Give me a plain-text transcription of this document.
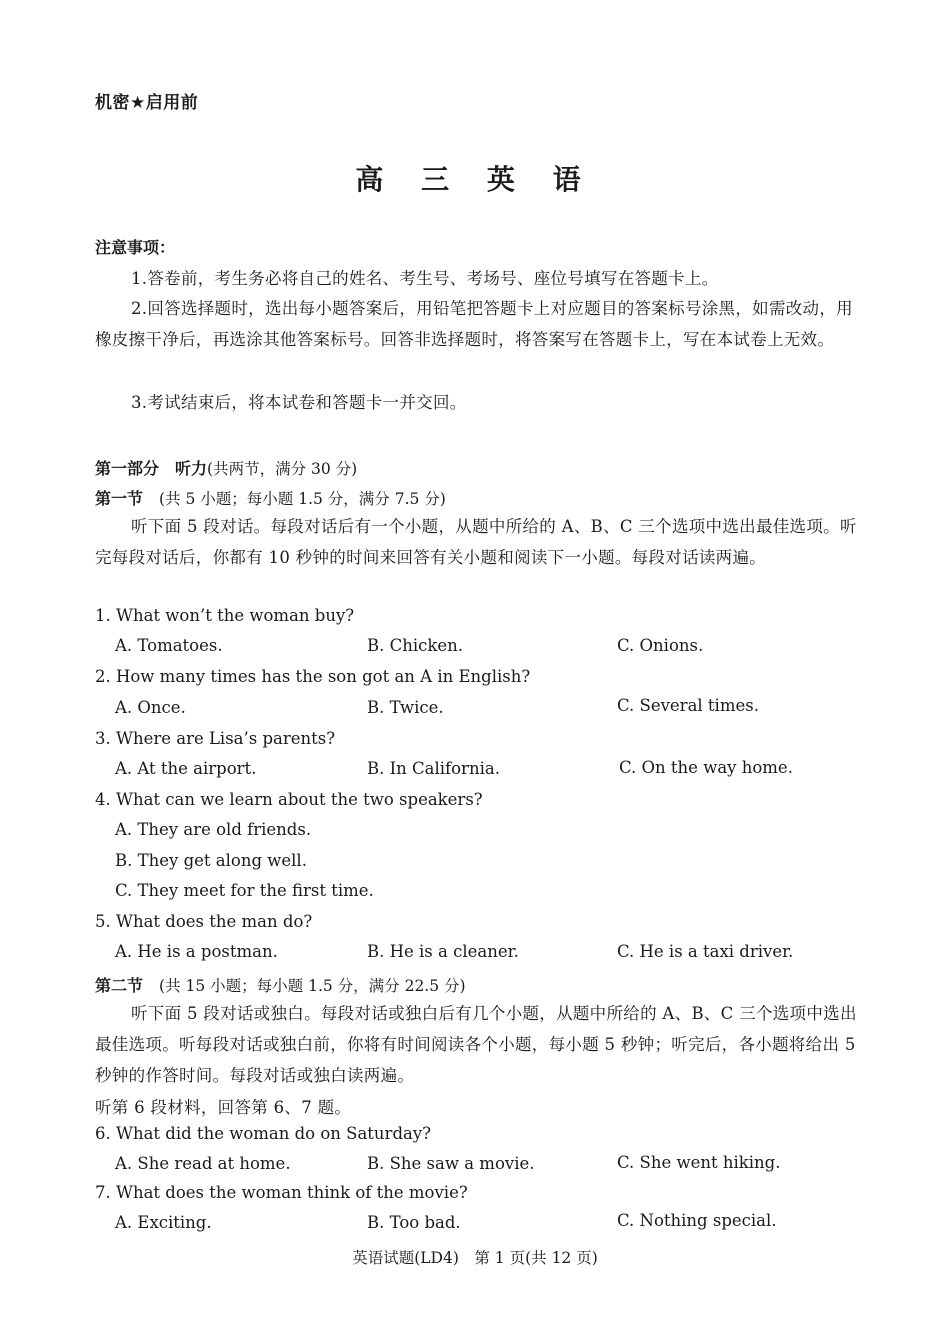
机密★启用前
高 三 英 语
注意事项：
1.答卷前，考生务必将自己的姓名、考生号、考场号、座位号填写在答题卡上。
2.回答选择题时，选出每小题答案后，用铅笔把答题卡上对应题目的答案标号涂黑，如需改动，用橡皮擦干净后，再选涂其他答案标号。回答非选择题时，将答案写在答题卡上，写在本试卷上无效。
3.考试结束后，将本试卷和答题卡一并交回。
第一部分　听力(共两节，满分 30 分)
第一节　 (共 5 小题；每小题 1.5 分，满分 7.5 分)
听下面 5 段对话。每段对话后有一个小题，从题中所给的 A、B、C 三个选项中选出最佳选项。听完每段对话后，你都有 10 秒钟的时间来回答有关小题和阅读下一小题。每段对话读两遍。
1. What won’t the woman buy?
A. Tomatoes.	B. Chicken.	C. Onions.
2. How many times has the son got an A in English?
A. Once.	B. Twice.	C. Several times.
3. Where are Lisa’s parents?
A. At the airport.	B. In California.	C. On the way home.
4. What can we learn about the two speakers?
A. They are old friends.
B. They get along well.
C. They meet for the first time.
5. What does the man do?
A. He is a postman.	B. He is a cleaner.	C. He is a taxi driver.
第二节　 (共 15 小题；每小题 1.5 分，满分 22.5 分)
听下面 5 段对话或独白。每段对话或独白后有几个小题，从题中所给的 A、B、C 三个选项中选出最佳选项。听每段对话或独白前，你将有时间阅读各个小题，每小题 5 秒钟；听完后，各小题将给出 5 秒钟的作答时间。每段对话或独白读两遍。
听第 6 段材料，回答第 6、7 题。
6. What did the woman do on Saturday?
A. She read at home.	B. She saw a movie.	C. She went hiking.
7. What does the woman think of the movie?
A. Exciting.	B. Too bad.	C. Nothing special.
英语试题(LD4)　第 1 页(共 12 页)
